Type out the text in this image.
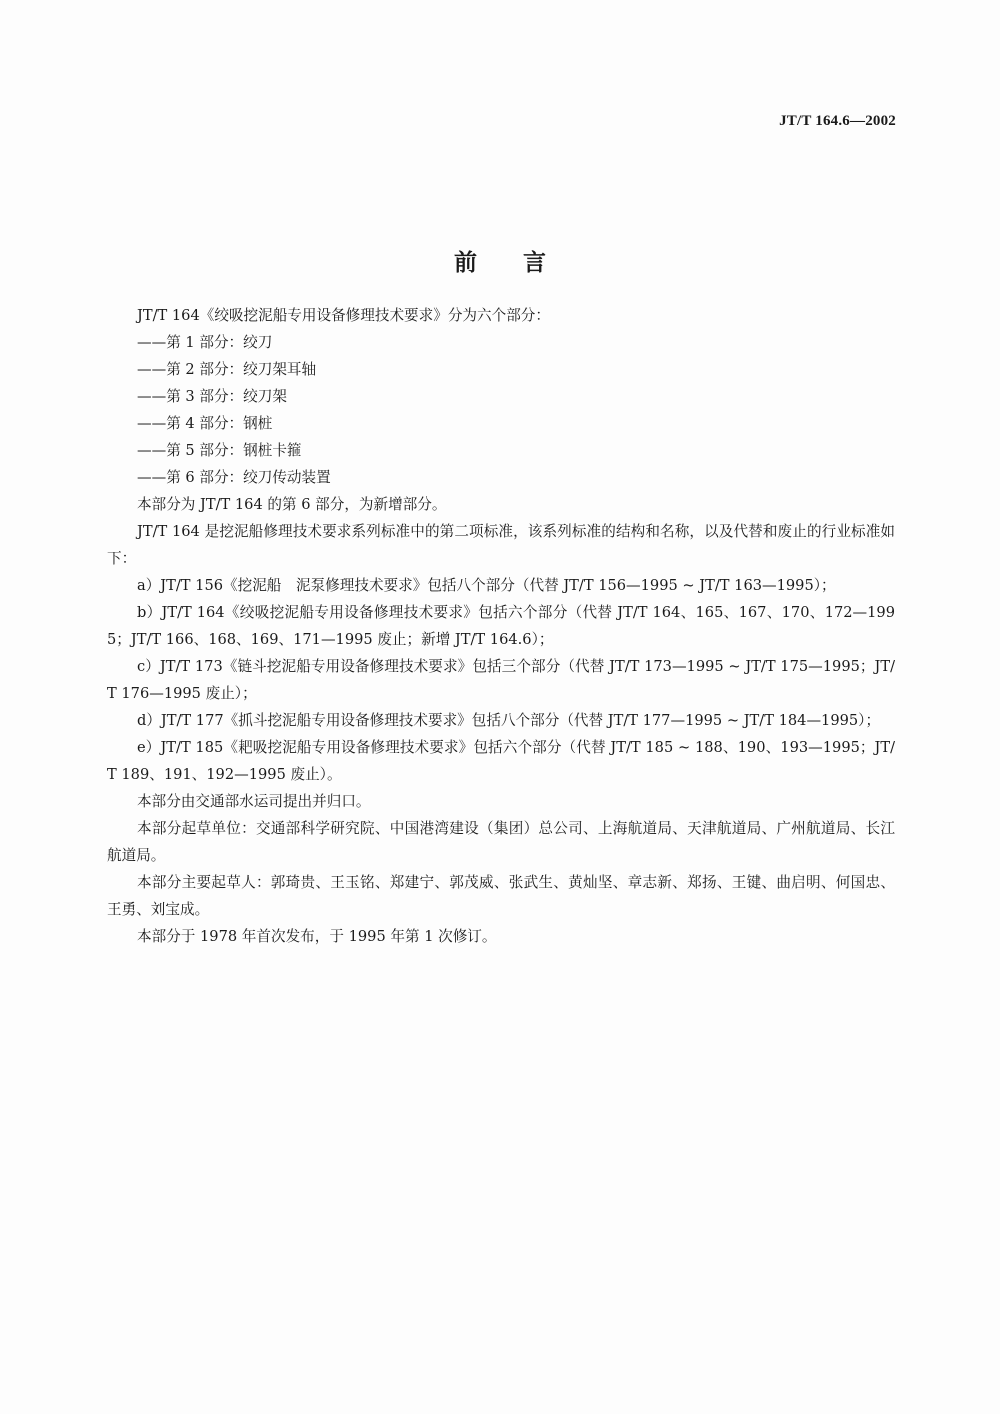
JT/T 164.6—2002
前言

JT/T 164《绞吸挖泥船专用设备修理技术要求》分为六个部分：

——第 1 部分：绞刀

——第 2 部分：绞刀架耳轴

——第 3 部分：绞刀架

——第 4 部分：钢桩

——第 5 部分：钢桩卡箍

——第 6 部分：绞刀传动装置

本部分为 JT/T 164 的第 6 部分，为新增部分。

JT/T 164 是挖泥船修理技术要求系列标准中的第二项标准，该系列标准的结构和名称，以及代替和废止的行业标准如下：

a）JT/T 156《挖泥船　泥泵修理技术要求》包括八个部分（代替 JT/T 156—1995 ~ JT/T 163—1995）；

b）JT/T 164《绞吸挖泥船专用设备修理技术要求》包括六个部分（代替 JT/T 164、165、167、170、172—1995；JT/T 166、168、169、171—1995 废止；新增 JT/T 164.6）；

c）JT/T 173《链斗挖泥船专用设备修理技术要求》包括三个部分（代替 JT/T 173—1995 ~ JT/T 175—1995；JT/T 176—1995 废止）；

d）JT/T 177《抓斗挖泥船专用设备修理技术要求》包括八个部分（代替 JT/T 177—1995 ~ JT/T 184—1995）；

e）JT/T 185《耙吸挖泥船专用设备修理技术要求》包括六个部分（代替 JT/T 185 ~ 188、190、193—1995；JT/T 189、191、192—1995 废止）。

本部分由交通部水运司提出并归口。

本部分起草单位：交通部科学研究院、中国港湾建设（集团）总公司、上海航道局、天津航道局、广州航道局、长江航道局。

本部分主要起草人：郭琦贵、王玉铭、郑建宁、郭茂威、张武生、黄灿坚、章志新、郑扬、王键、曲启明、何国忠、王勇、刘宝成。

本部分于 1978 年首次发布，于 1995 年第 1 次修订。
